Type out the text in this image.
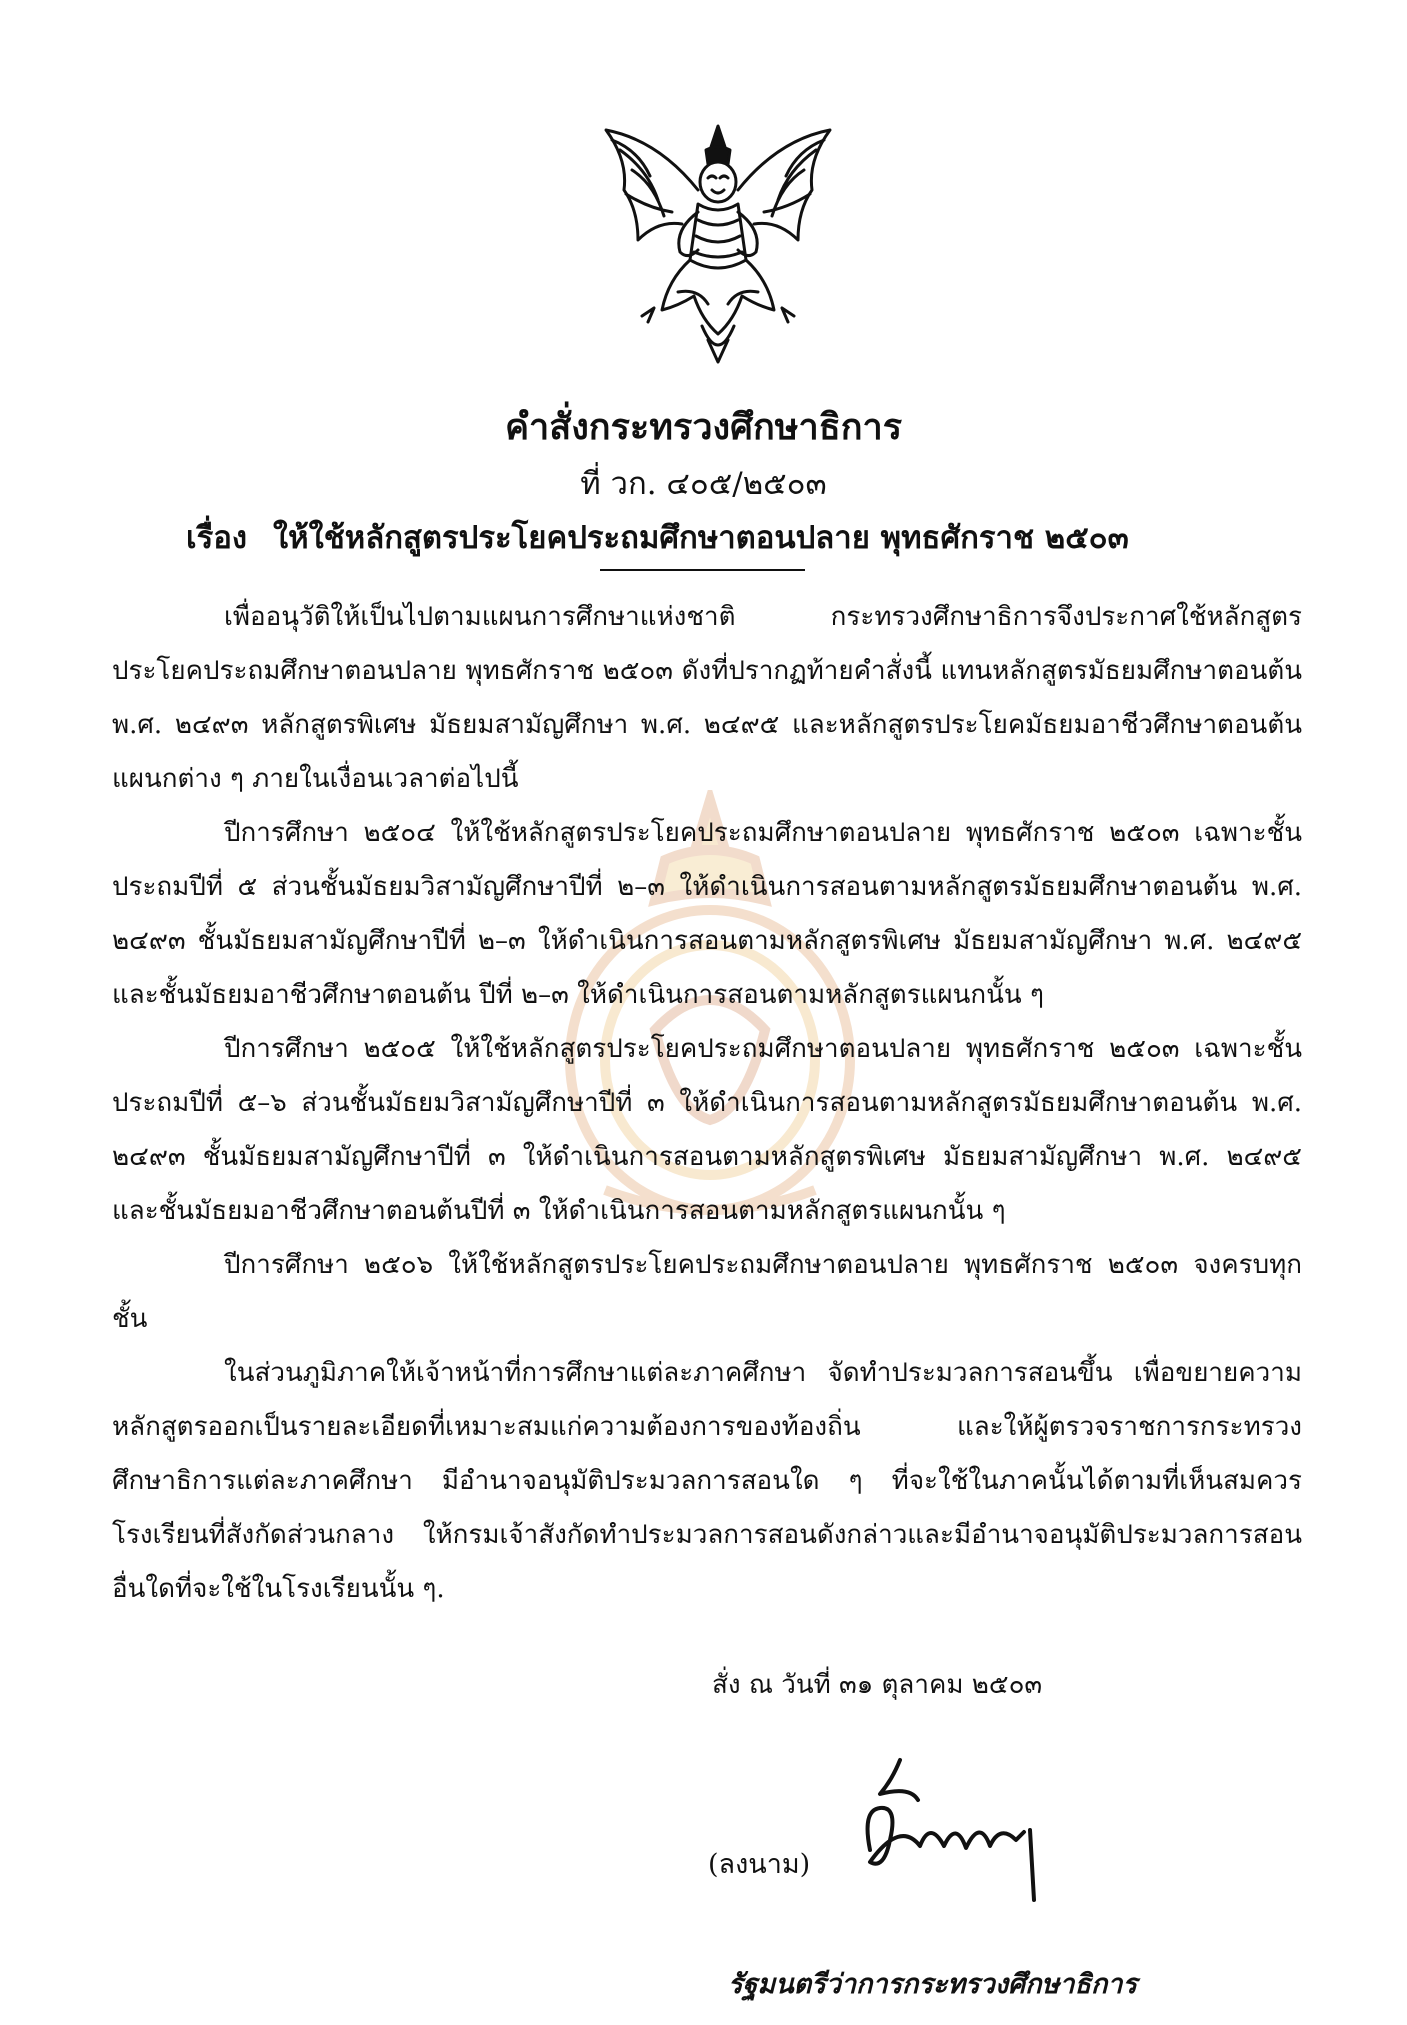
คำสั่งกระทรวงศึกษาธิการ
ที่ วก. ๔๐๕/๒๕๐๓
เรื่อง ให้ใช้หลักสูตรประโยคประถมศึกษาตอนปลาย พุทธศักราช ๒๕๐๓

เพื่ออนุวัติให้เป็นไปตามแผนการศึกษาแห่งชาติ กระทรวงศึกษาธิการจึงประกาศใช้หลักสูตรประโยคประถมศึกษาตอนปลาย พุทธศักราช ๒๕๐๓ ดังที่ปรากฏท้ายคำสั่งนี้ แทนหลักสูตรมัธยมศึกษาตอนต้น พ.ศ. ๒๔๙๓ หลักสูตรพิเศษ มัธยมสามัญศึกษา พ.ศ. ๒๔๙๕ และหลักสูตรประโยคมัธยมอาชีวศึกษาตอนต้น แผนกต่าง ๆ ภายในเงื่อนเวลาต่อไปนี้

ปีการศึกษา ๒๕๐๔ ให้ใช้หลักสูตรประโยคประถมศึกษาตอนปลาย พุทธศักราช ๒๕๐๓ เฉพาะชั้นประถมปีที่ ๕ ส่วนชั้นมัธยมวิสามัญศึกษาปีที่ ๒–๓ ให้ดำเนินการสอนตามหลักสูตรมัธยมศึกษาตอนต้น พ.ศ. ๒๔๙๓ ชั้นมัธยมสามัญศึกษาปีที่ ๒–๓ ให้ดำเนินการสอนตามหลักสูตรพิเศษ มัธยมสามัญศึกษา พ.ศ. ๒๔๙๕ และชั้นมัธยมอาชีวศึกษาตอนต้น ปีที่ ๒–๓ ให้ดำเนินการสอนตามหลักสูตรแผนกนั้น ๆ

ปีการศึกษา ๒๕๐๕ ให้ใช้หลักสูตรประโยคประถมศึกษาตอนปลาย พุทธศักราช ๒๕๐๓ เฉพาะชั้นประถมปีที่ ๕–๖ ส่วนชั้นมัธยมวิสามัญศึกษาปีที่ ๓ ให้ดำเนินการสอนตามหลักสูตรมัธยมศึกษาตอนต้น พ.ศ. ๒๔๙๓ ชั้นมัธยมสามัญศึกษาปีที่ ๓ ให้ดำเนินการสอนตามหลักสูตรพิเศษ มัธยมสามัญศึกษา พ.ศ. ๒๔๙๕ และชั้นมัธยมอาชีวศึกษาตอนต้นปีที่ ๓ ให้ดำเนินการสอนตามหลักสูตรแผนกนั้น ๆ

ปีการศึกษา ๒๕๐๖ ให้ใช้หลักสูตรประโยคประถมศึกษาตอนปลาย พุทธศักราช ๒๕๐๓ จงครบทุกชั้น

ในส่วนภูมิภาคให้เจ้าหน้าที่การศึกษาแต่ละภาคศึกษา จัดทำประมวลการสอนขึ้น เพื่อขยายความหลักสูตรออกเป็นรายละเอียดที่เหมาะสมแก่ความต้องการของท้องถิ่น และให้ผู้ตรวจราชการกระทรวงศึกษาธิการแต่ละภาคศึกษา มีอำนาจอนุมัติประมวลการสอนใด ๆ ที่จะใช้ในภาคนั้นได้ตามที่เห็นสมควร โรงเรียนที่สังกัดส่วนกลาง ให้กรมเจ้าสังกัดทำประมวลการสอนดังกล่าวและมีอำนาจอนุมัติประมวลการสอนอื่นใดที่จะใช้ในโรงเรียนนั้น ๆ.

สั่ง ณ วันที่ ๓๑ ตุลาคม ๒๕๐๓
(ลงนาม)
รัฐมนตรีว่าการกระทรวงศึกษาธิการ
